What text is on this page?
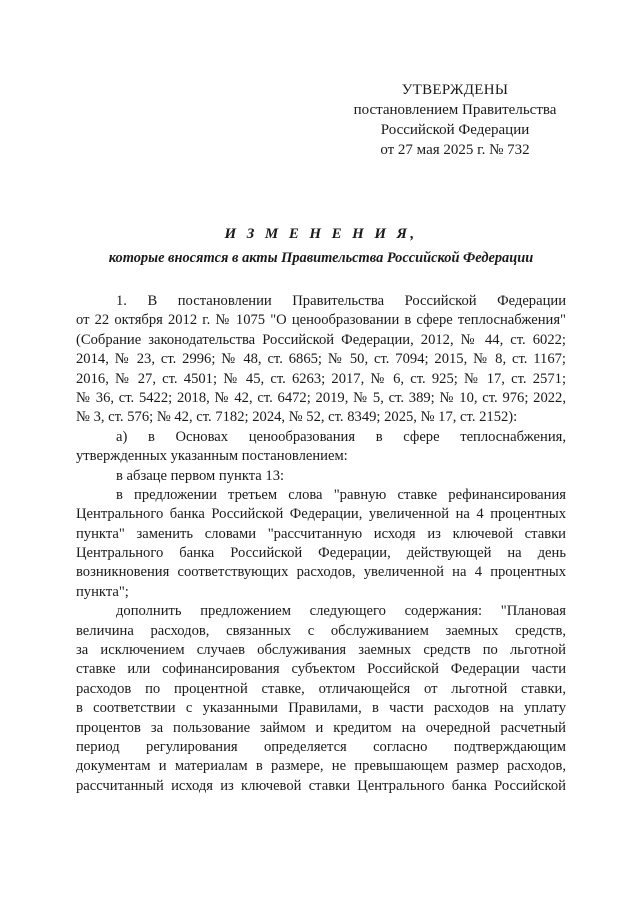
УТВЕРЖДЕНЫ
постановлением Правительства
Российской Федерации
от 27 мая 2025 г. № 732
И З М Е Н Е Н И Я,
которые вносятся в акты Правительства Российской Федерации
1. В постановлении Правительства Российской Федерации
от 22 октября 2012 г. № 1075 "О ценообразовании в сфере теплоснабжения"
(Собрание законодательства Российской Федерации, 2012, № 44, ст. 6022;
2014, № 23, ст. 2996; № 48, ст. 6865; № 50, ст. 7094; 2015, № 8, ст. 1167;
2016, № 27, ст. 4501; № 45, ст. 6263; 2017, № 6, ст. 925; № 17, ст. 2571;
№ 36, ст. 5422; 2018, № 42, ст. 6472; 2019, № 5, ст. 389; № 10, ст. 976; 2022,
№ 3, ст. 576; № 42, ст. 7182; 2024, № 52, ст. 8349; 2025, № 17, ст. 2152):
а) в Основах ценообразования в сфере теплоснабжения,
утвержденных указанным постановлением:
в абзаце первом пункта 13:
в предложении третьем слова "равную ставке рефинансирования
Центрального банка Российской Федерации, увеличенной на 4 процентных
пункта" заменить словами "рассчитанную исходя из ключевой ставки
Центрального банка Российской Федерации, действующей на день
возникновения соответствующих расходов, увеличенной на 4 процентных
пункта";
дополнить предложением следующего содержания: "Плановая
величина расходов, связанных с обслуживанием заемных средств,
за исключением случаев обслуживания заемных средств по льготной
ставке или софинансирования субъектом Российской Федерации части
расходов по процентной ставке, отличающейся от льготной ставки,
в соответствии с указанными Правилами, в части расходов на уплату
процентов за пользование займом и кредитом на очередной расчетный
период регулирования определяется согласно подтверждающим
документам и материалам в размере, не превышающем размер расходов,
рассчитанный исходя из ключевой ставки Центрального банка Российской
